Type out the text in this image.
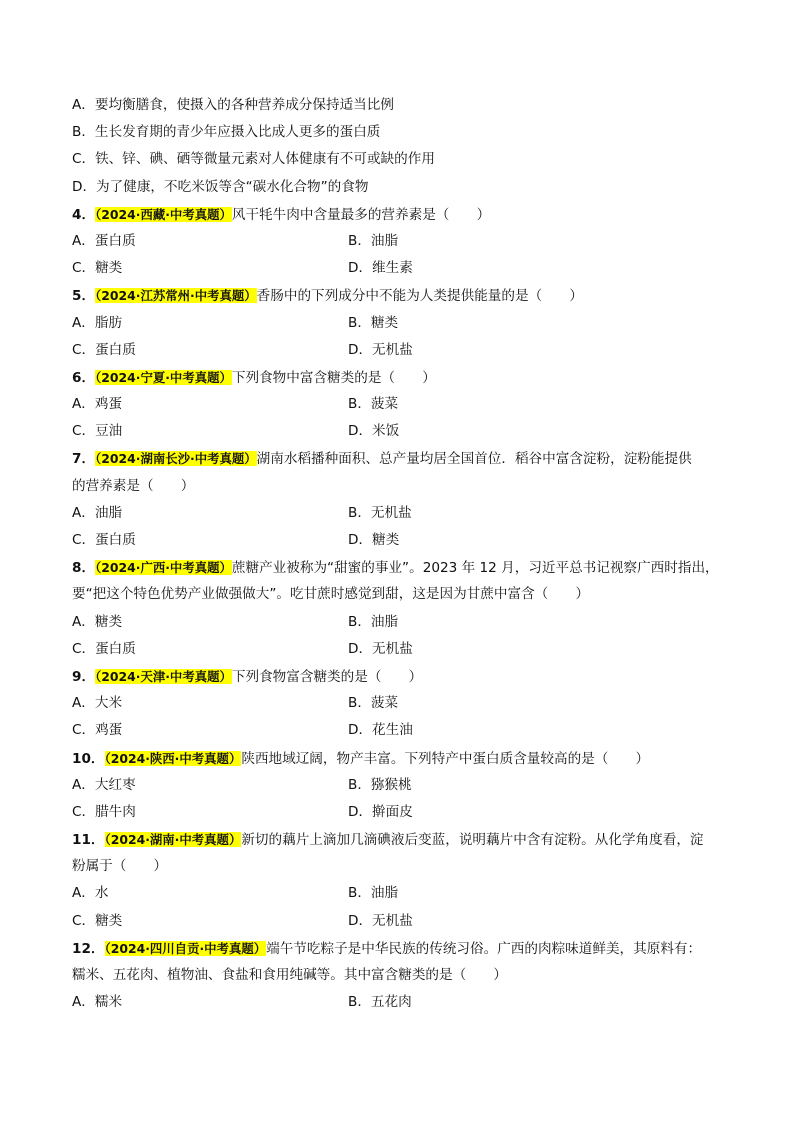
A．要均衡膳食，使摄入的各种营养成分保持适当比例
B．生长发育期的青少年应摄入比成人更多的蛋白质
C．铁、锌、碘、硒等微量元素对人体健康有不可或缺的作用
D．为了健康，不吃米饭等含“碳水化合物”的食物
4．（2024·西藏·中考真题）风干牦牛肉中含量最多的营养素是（　　）
A．蛋白质	B．油脂
C．糖类	D．维生素
5．（2024·江苏常州·中考真题）香肠中的下列成分中不能为人类提供能量的是（　　）
A．脂肪	B．糖类
C．蛋白质	D．无机盐
6．（2024·宁夏·中考真题）下列食物中富含糖类的是（　　）
A．鸡蛋	B．菠菜
C．豆油	D．米饭
7．（2024·湖南长沙·中考真题）湖南水稻播种面积、总产量均居全国首位．稻谷中富含淀粉，淀粉能提供
的营养素是（　　）
A．油脂	B．无机盐
C．蛋白质	D．糖类
8．（2024·广西·中考真题）蔗糖产业被称为“甜蜜的事业”。2023 年 12 月，习近平总书记视察广西时指出，
要“把这个特色优势产业做强做大”。吃甘蔗时感觉到甜，这是因为甘蔗中富含（　　）
A．糖类	B．油脂
C．蛋白质	D．无机盐
9．（2024·天津·中考真题）下列食物富含糖类的是（　　）
A．大米	B．菠菜
C．鸡蛋	D．花生油
10．（2024·陕西·中考真题）陕西地域辽阔，物产丰富。下列特产中蛋白质含量较高的是（　　）
A．大红枣	B．猕猴桃
C．腊牛肉	D．擀面皮
11．（2024·湖南·中考真题）新切的藕片上滴加几滴碘液后变蓝，说明藕片中含有淀粉。从化学角度看，淀
粉属于（　　）
A．水	B．油脂
C．糖类	D．无机盐
12．（2024·四川自贡·中考真题）端午节吃粽子是中华民族的传统习俗。广西的肉粽味道鲜美，其原料有：
糯米、五花肉、植物油、食盐和食用纯碱等。其中富含糖类的是（　　）
A．糯米	B．五花肉
